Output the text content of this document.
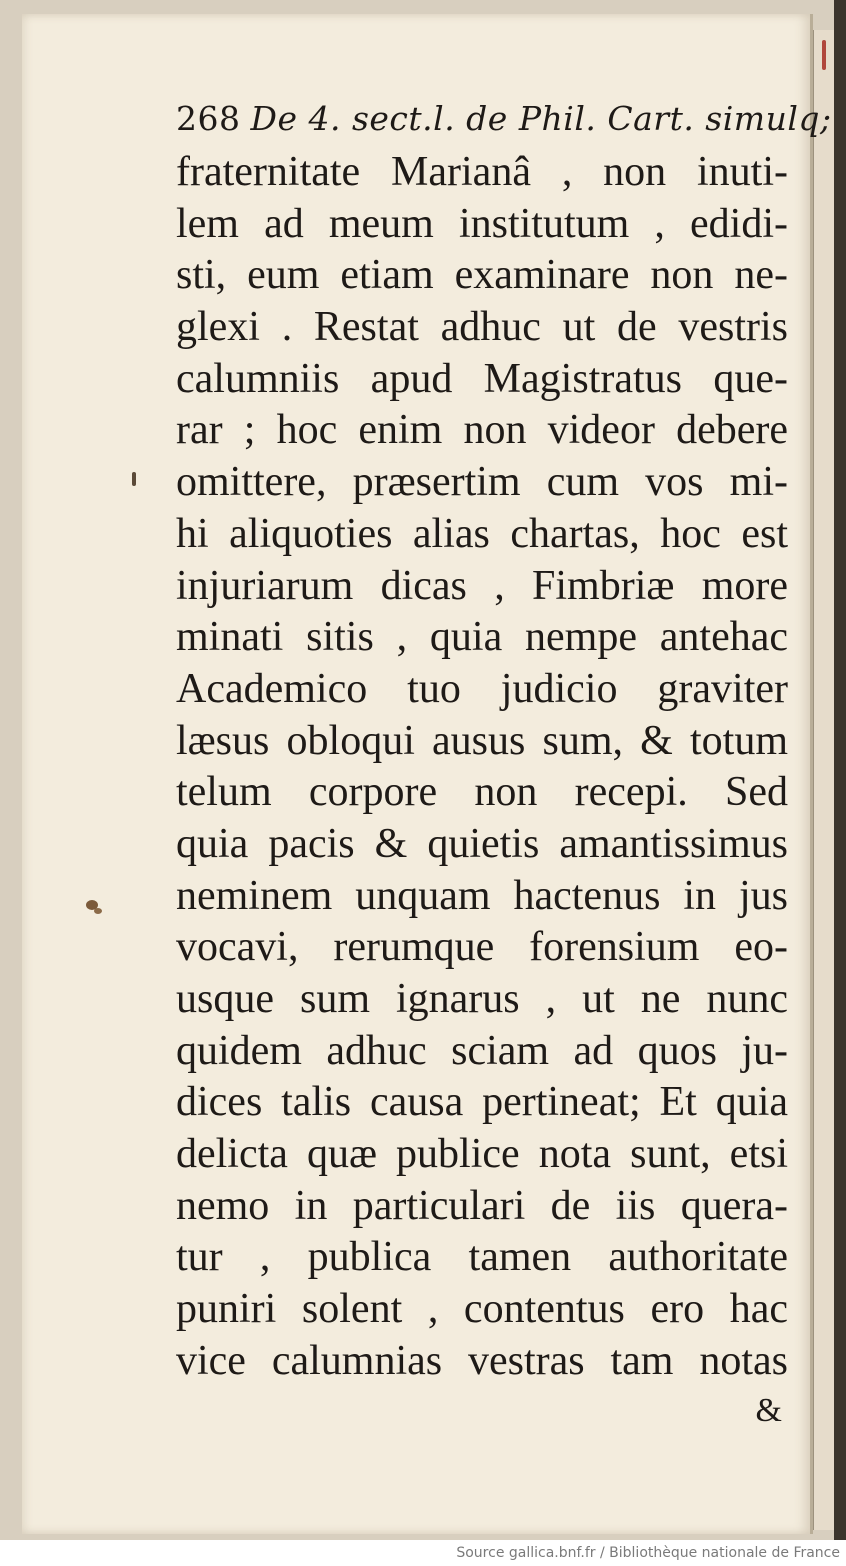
268 De 4. sect.l. de Phil. Cart. simulq;
fraternitate Marianâ , non inuti-
lem ad meum institutum , edidi-
sti, eum etiam examinare non ne-
glexi . Restat adhuc ut de vestris
calumniis apud Magistratus que-
rar ; hoc enim non videor debere
omittere, præsertim cum vos mi-
hi aliquoties alias chartas, hoc est
injuriarum dicas , Fimbriæ more
minati sitis , quia nempe antehac
Academico tuo judicio graviter
læsus obloqui ausus sum, & totum
telum corpore non recepi. Sed
quia pacis & quietis amantissimus
neminem unquam hactenus in jus
vocavi, rerumque forensium eo-
usque sum ignarus , ut ne nunc
quidem adhuc sciam ad quos ju-
dices talis causa pertineat; Et quia
delicta quæ publice nota sunt, etsi
nemo in particulari de iis quera-
tur , publica tamen authoritate
puniri solent , contentus ero hac
vice calumnias vestras tam notas
&
Source gallica.bnf.fr / Bibliothèque nationale de France
